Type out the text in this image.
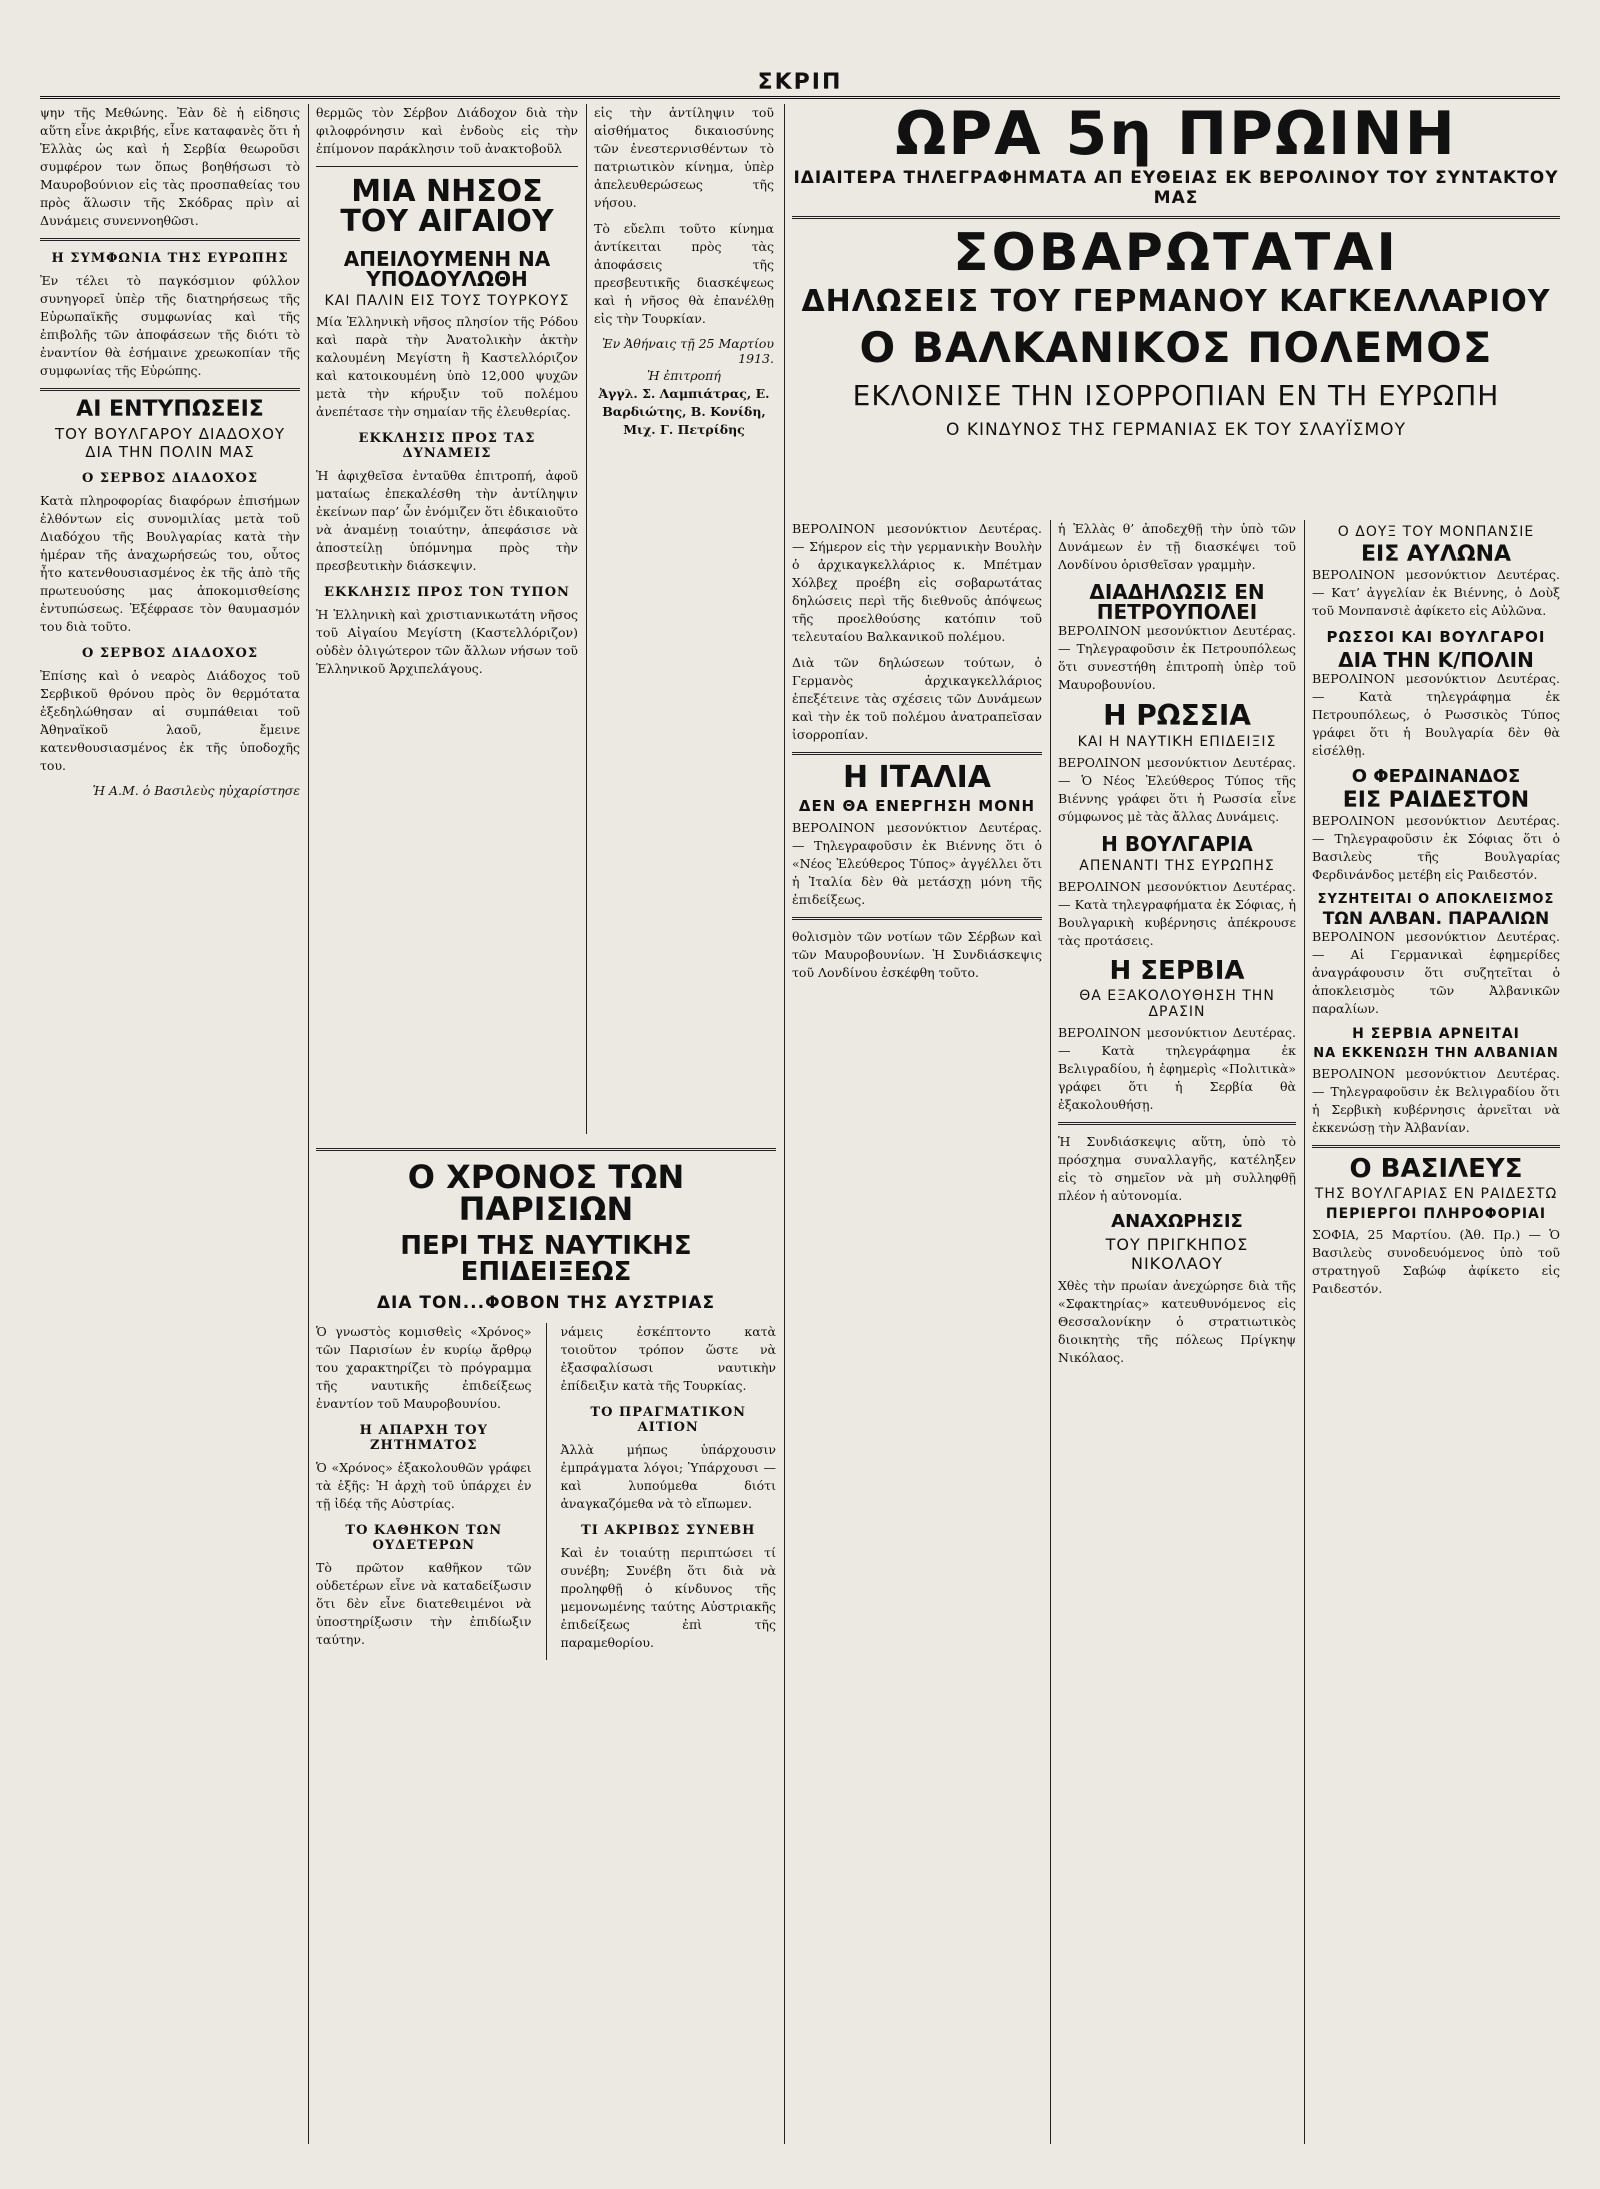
ΣΚΡΙΠ

ψην τῆς Μεθώνης. Ἐὰν δὲ ἡ εἰδησις αὕτη εἶνε ἀκριβής, εἶνε καταφανὲς ὅτι ἡ Ἑλλὰς ὡς καὶ ἡ Σερβία θεωροῦσι συμφέρον των ὅπως βοηθήσωσι τὸ Μαυροβούνιον εἰς τὰς προσπαθείας του πρὸς ἅλωσιν τῆς Σκόδρας πρὶν αἱ Δυνάμεις συνεννοηθῶσι.

Η ΣΥΜΦΩΝΙΑ ΤΗΣ ΕΥΡΩΠΗΣ

Ἐν τέλει τὸ παγκόσμιον φύλλον συνηγορεῖ ὑπὲρ τῆς διατηρήσεως τῆς Εὐρωπαϊκῆς συμφωνίας καὶ τῆς ἐπιβολῆς τῶν ἀποφάσεων τῆς διότι τὸ ἐναντίον θὰ ἐσήμαινε χρεωκοπίαν τῆς συμφωνίας τῆς Εὐρώπης.

ΑΙ ΕΝΤΥΠΩΣΕΙΣ
ΤΟΥ ΒΟΥΛΓΑΡΟΥ ΔΙΑΔΟΧΟΥ ΔΙΑ ΤΗΝ ΠΟΛΙΝ ΜΑΣ
Ο ΣΕΡΒΟΣ ΔΙΑΔΟΧΟΣ

Κατὰ πληροφορίας διαφόρων ἐπισήμων ἐλθόντων εἰς συνομιλίας μετὰ τοῦ Διαδόχου τῆς Βουλγαρίας κατὰ τὴν ἡμέραν τῆς ἀναχωρήσεώς του, οὗτος ἦτο κατενθουσιασμένος ἐκ τῆς ἀπὸ τῆς πρωτευούσης μας ἀποκομισθείσης ἐντυπώσεως. Ἐξέφρασε τὸν θαυμασμόν του διὰ τοῦτο.

Ο ΣΕΡΒΟΣ ΔΙΑΔΟΧΟΣ

Ἐπίσης καὶ ὁ νεαρὸς Διάδοχος τοῦ Σερβικοῦ θρόνου πρὸς ὃν θερμότατα ἐξεδηλώθησαν αἱ συμπάθειαι τοῦ Ἀθηναϊκοῦ λαοῦ, ἔμεινε κατενθουσιασμένος ἐκ τῆς ὑποδοχῆς του.

Ἡ Α.Μ. ὁ Βασιλεὺς ηὐχαρίστησε

θερμῶς τὸν Σέρβον Διάδοχον διὰ τὴν φιλοφρόνησιν καὶ ἐνδοὺς εἰς τὴν ἐπίμονον παράκλησιν τοῦ ἀνακτοβοῦλ

ΜΙΑ ΝΗΣΟΣ ΤΟΥ ΑΙΓΑΙΟΥ
ΑΠΕΙΛΟΥΜΕΝΗ ΝΑ ΥΠΟΔΟΥΛΩΘΗ
ΚΑΙ ΠΑΛΙΝ ΕΙΣ ΤΟΥΣ ΤΟΥΡΚΟΥΣ

Μία Ἑλληνικὴ νῆσος πλησίον τῆς Ρόδου καὶ παρὰ τὴν Ἀνατολικὴν ἀκτὴν καλουμένη Μεγίστη ἢ Καστελλόριζον καὶ κατοικουμένη ὑπὸ 12,000 ψυχῶν μετὰ τὴν κήρυξιν τοῦ πολέμου ἀνεπέτασε τὴν σημαίαν τῆς ἐλευθερίας.

ΕΚΚΛΗΣΙΣ ΠΡΟΣ ΤΑΣ ΔΥΝΑΜΕΙΣ

Ἡ ἀφιχθεῖσα ἐνταῦθα ἐπιτροπή, ἀφοῦ ματαίως ἐπεκαλέσθη τὴν ἀντίληψιν ἐκείνων παρ’ ὧν ἐνόμιζεν ὅτι ἐδικαιοῦτο νὰ ἀναμένῃ τοιαύτην, ἀπεφάσισε νὰ ἀποστείλῃ ὑπόμνημα πρὸς τὴν πρεσβευτικὴν διάσκεψιν.

ΕΚΚΛΗΣΙΣ ΠΡΟΣ ΤΟΝ ΤΥΠΟΝ

Ἡ Ἑλληνικὴ καὶ χριστιανικωτάτη νῆσος τοῦ Αἰγαίου Μεγίστη (Καστελλόριζον) οὐδὲν ὀλιγώτερον τῶν ἄλλων νήσων τοῦ Ἑλληνικοῦ Ἀρχιπελάγους.

εἰς τὴν ἀντίληψιν τοῦ αἰσθήματος δικαιοσύνης τῶν ἐνεστερνισθέντων τὸ πατριωτικὸν κίνημα, ὑπὲρ ἀπελευθερώσεως τῆς νήσου.

Τὸ εὔελπι τοῦτο κίνημα ἀντίκειται πρὸς τὰς ἀποφάσεις τῆς πρεσβευτικῆς διασκέψεως καὶ ἡ νῆσος θὰ ἐπανέλθῃ εἰς τὴν Τουρκίαν.

Ἐν Ἀθήναις τῇ 25 Μαρτίου 1913.

Ἡ ἐπιτροπή

Ἀγγλ. Σ. Λαμπιάτρας, Ε. Βαρδιώτης, Β. Κονίδη, Μιχ. Γ. Πετρίδης

Ο ΧΡΟΝΟΣ ΤΩΝ ΠΑΡΙΣΙΩΝ
ΠΕΡΙ ΤΗΣ ΝΑΥΤΙΚΗΣ ΕΠΙΔΕΙΞΕΩΣ
ΔΙΑ ΤΟΝ...ΦΟΒΟΝ ΤΗΣ ΑΥΣΤΡΙΑΣ

Ὁ γνωστὸς κομισθεὶς «Χρόνος» τῶν Παρισίων ἐν κυρίῳ ἄρθρῳ του χαρακτηρίζει τὸ πρόγραμμα τῆς ναυτικῆς ἐπιδείξεως ἐναντίον τοῦ Μαυροβουνίου.

Η ΑΠΑΡΧΗ ΤΟΥ ΖΗΤΗΜΑΤΟΣ

Ὁ «Χρόνος» ἐξακολουθῶν γράφει τὰ ἑξῆς: Ἡ ἀρχὴ τοῦ ὑπάρχει ἐν τῇ ἰδέᾳ τῆς Αὐστρίας.

ΤΟ ΚΑΘΗΚΟΝ ΤΩΝ ΟΥΔΕΤΕΡΩΝ

Τὸ πρῶτον καθῆκον τῶν οὐδετέρων εἶνε νὰ καταδείξωσιν ὅτι δὲν εἶνε διατεθειμένοι νὰ ὑποστηρίξωσιν τὴν ἐπιδίωξιν ταύτην.

νάμεις ἐσκέπτοντο κατὰ τοιοῦτον τρόπον ὥστε νὰ ἐξασφαλίσωσι ναυτικὴν ἐπίδειξιν κατὰ τῆς Τουρκίας.

ΤΟ ΠΡΑΓΜΑΤΙΚΟΝ ΑΙΤΙΟΝ

Ἀλλὰ μήπως ὑπάρχουσιν ἐμπράγματα λόγοι; Ὑπάρχουσι — καὶ λυπούμεθα διότι ἀναγκαζόμεθα νὰ τὸ εἴπωμεν.

ΤΙ ΑΚΡΙΒΩΣ ΣΥΝΕΒΗ

Καὶ ἐν τοιαύτῃ περιπτώσει τί συνέβη; Συνέβη ὅτι διὰ νὰ προληφθῇ ὁ κίνδυνος τῆς μεμονωμένης ταύτης Αὐστριακῆς ἐπιδείξεως ἐπὶ τῆς παραμεθορίου.

ΩΡΑ 5η ΠΡΩΙΝΗ
ΙΔΙΑΙΤΕΡΑ ΤΗΛΕΓΡΑΦΗΜΑΤΑ ΑΠ ΕΥΘΕΙΑΣ ΕΚ ΒΕΡΟΛΙΝΟΥ ΤΟΥ ΣΥΝΤΑΚΤΟΥ ΜΑΣ
ΣΟΒΑΡΩΤΑΤΑΙ
ΔΗΛΩΣΕΙΣ ΤΟΥ ΓΕΡΜΑΝΟΥ ΚΑΓΚΕΛΛΑΡΙΟΥ
Ο ΒΑΛΚΑΝΙΚΟΣ ΠΟΛΕΜΟΣ
ΕΚΛΟΝΙΣΕ ΤΗΝ ΙΣΟΡΡΟΠΙΑΝ ΕΝ ΤΗ ΕΥΡΩΠΗ
Ο ΚΙΝΔΥΝΟΣ ΤΗΣ ΓΕΡΜΑΝΙΑΣ ΕΚ ΤΟΥ ΣΛΑΥΪΣΜΟΥ

ΒΕΡΟΛΙΝΟΝ μεσονύκτιον Δευτέρας. — Σήμερον εἰς τὴν γερμανικὴν Βουλὴν ὁ ἀρχικαγκελλάριος κ. Μπέτμαν Χόλβεχ προέβη εἰς σοβαρωτάτας δηλώσεις περὶ τῆς διεθνοῦς ἀπόψεως τῆς προελθούσης κατόπιν τοῦ τελευταίου Βαλκανικοῦ πολέμου.

Διὰ τῶν δηλώσεων τούτων, ὁ Γερμανὸς ἀρχικαγκελλάριος ἐπεξέτεινε τὰς σχέσεις τῶν Δυνάμεων καὶ τὴν ἐκ τοῦ πολέμου ἀνατραπεῖσαν ἰσορροπίαν.

Η ΙΤΑΛΙΑ
ΔΕΝ ΘΑ ΕΝΕΡΓΗΣΗ ΜΟΝΗ

ΒΕΡΟΛΙΝΟΝ μεσονύκτιον Δευτέρας. — Τηλεγραφοῦσιν ἐκ Βιέννης ὅτι ὁ «Νέος Ἐλεύθερος Τύπος» ἀγγέλλει ὅτι ἡ Ἰταλία δὲν θὰ μετάσχῃ μόνη τῆς ἐπιδείξεως.

θολισμὸν τῶν νοτίων τῶν Σέρβων καὶ τῶν Μαυροβουνίων. Ἡ Συνδιάσκεψις τοῦ Λονδίνου ἐσκέφθη τοῦτο.

ἡ Ἑλλὰς θ’ ἀποδεχθῇ τὴν ὑπὸ τῶν Δυνάμεων ἐν τῇ διασκέψει τοῦ Λονδίνου ὁρισθεῖσαν γραμμὴν.

ΔΙΑΔΗΛΩΣΙΣ ΕΝ ΠΕΤΡΟΥΠΟΛΕΙ

ΒΕΡΟΛΙΝΟΝ μεσονύκτιον Δευτέρας. — Τηλεγραφοῦσιν ἐκ Πετρουπόλεως ὅτι συνεστήθη ἐπιτροπὴ ὑπὲρ τοῦ Μαυροβουνίου.

Η ΡΩΣΣΙΑ
ΚΑΙ Η ΝΑΥΤΙΚΗ ΕΠΙΔΕΙΞΙΣ

ΒΕΡΟΛΙΝΟΝ μεσονύκτιον Δευτέρας. — Ὁ Νέος Ἐλεύθερος Τύπος τῆς Βιέννης γράφει ὅτι ἡ Ρωσσία εἶνε σύμφωνος μὲ τὰς ἄλλας Δυνάμεις.

Η ΒΟΥΛΓΑΡΙΑ
ΑΠΕΝΑΝΤΙ ΤΗΣ ΕΥΡΩΠΗΣ

ΒΕΡΟΛΙΝΟΝ μεσονύκτιον Δευτέρας. — Κατὰ τηλεγραφήματα ἐκ Σόφιας, ἡ Βουλγαρικὴ κυβέρνησις ἀπέκρουσε τὰς προτάσεις.

Η ΣΕΡΒΙΑ
ΘΑ ΕΞΑΚΟΛΟΥΘΗΣΗ ΤΗΝ ΔΡΑΣΙΝ

ΒΕΡΟΛΙΝΟΝ μεσονύκτιον Δευτέρας. — Κατὰ τηλεγράφημα ἐκ Βελιγραδίου, ἡ ἐφημερὶς «Πολιτικὰ» γράφει ὅτι ἡ Σερβία θὰ ἐξακολουθήσῃ.

Ἡ Συνδιάσκεψις αὕτη, ὑπὸ τὸ πρόσχημα συναλλαγῆς, κατέληξεν εἰς τὸ σημεῖον νὰ μὴ συλληφθῇ πλέον ἡ αὐτονομία.

ΑΝΑΧΩΡΗΣΙΣ
ΤΟΥ ΠΡΙΓΚΗΠΟΣ ΝΙΚΟΛΑΟΥ

Χθὲς τὴν πρωίαν ἀνεχώρησε διὰ τῆς «Σφακτηρίας» κατευθυνόμενος εἰς Θεσσαλονίκην ὁ στρατιωτικὸς διοικητὴς τῆς πόλεως Πρίγκηψ Νικόλαος.

Ο ΔΟΥΞ ΤΟΥ ΜΟΝΠΑΝΣΙΕ
ΕΙΣ ΑΥΛΩΝΑ

ΒΕΡΟΛΙΝΟΝ μεσονύκτιον Δευτέρας. — Κατ’ ἀγγελίαν ἐκ Βιέννης, ὁ Δοὺξ τοῦ Μονπανσιὲ ἀφίκετο εἰς Αὐλῶνα.

ΡΩΣΣΟΙ ΚΑΙ ΒΟΥΛΓΑΡΟΙ
ΔΙΑ ΤΗΝ Κ/ΠΟΛΙΝ

ΒΕΡΟΛΙΝΟΝ μεσονύκτιον Δευτέρας. — Κατὰ τηλεγράφημα ἐκ Πετρουπόλεως, ὁ Ρωσσικὸς Τύπος γράφει ὅτι ἡ Βουλγαρία δὲν θὰ εἰσέλθῃ.

Ο ΦΕΡΔΙΝΑΝΔΟΣ
ΕΙΣ ΡΑΙΔΕΣΤΟΝ

ΒΕΡΟΛΙΝΟΝ μεσονύκτιον Δευτέρας. — Τηλεγραφοῦσιν ἐκ Σόφιας ὅτι ὁ Βασιλεὺς τῆς Βουλγαρίας Φερδινάνδος μετέβη εἰς Ραιδεστόν.

ΣΥΖΗΤΕΙΤΑΙ Ο ΑΠΟΚΛΕΙΣΜΟΣ
ΤΩΝ ΑΛΒΑΝ. ΠΑΡΑΛΙΩΝ

ΒΕΡΟΛΙΝΟΝ μεσονύκτιον Δευτέρας. — Αἱ Γερμανικαὶ ἐφημερίδες ἀναγράφουσιν ὅτι συζητεῖται ὁ ἀποκλεισμὸς τῶν Ἀλβανικῶν παραλίων.

Η ΣΕΡΒΙΑ ΑΡΝΕΙΤΑΙ
ΝΑ ΕΚΚΕΝΩΣΗ ΤΗΝ ΑΛΒΑΝΙΑΝ

ΒΕΡΟΛΙΝΟΝ μεσονύκτιον Δευτέρας. — Τηλεγραφοῦσιν ἐκ Βελιγραδίου ὅτι ἡ Σερβικὴ κυβέρνησις ἀρνεῖται νὰ ἐκκενώσῃ τὴν Ἀλβανίαν.

Ο ΒΑΣΙΛΕΥΣ
ΤΗΣ ΒΟΥΛΓΑΡΙΑΣ ΕΝ ΡΑΙΔΕΣΤΩ
ΠΕΡΙΕΡΓΟΙ ΠΛΗΡΟΦΟΡΙΑΙ

ΣΟΦΙΑ, 25 Μαρτίου. (Ἀθ. Πρ.) — Ὁ Βασιλεὺς συνοδευόμενος ὑπὸ τοῦ στρατηγοῦ Σαβώφ ἀφίκετο εἰς Ραιδεστόν.
